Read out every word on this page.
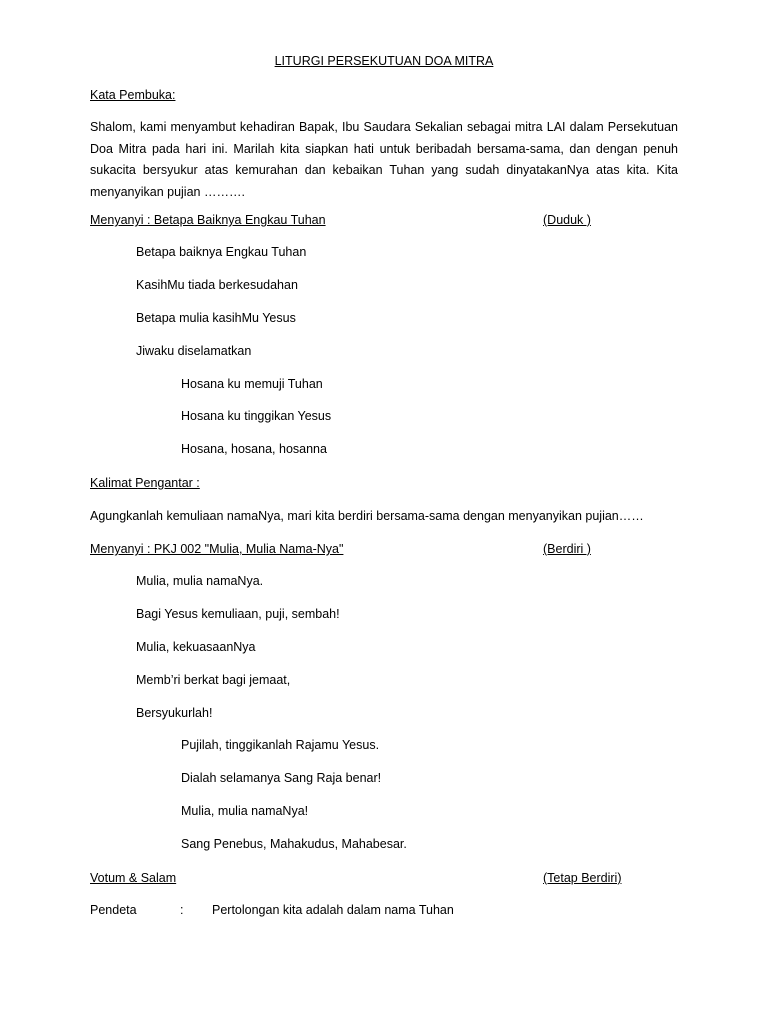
LITURGI PERSEKUTUAN DOA MITRA
Kata Pembuka:
Shalom, kami menyambut kehadiran Bapak, Ibu Saudara Sekalian sebagai mitra LAI dalam Persekutuan
Doa Mitra pada hari ini. Marilah kita siapkan hati untuk beribadah bersama-sama, dan dengan penuh
sukacita bersyukur atas kemurahan dan kebaikan Tuhan yang sudah dinyatakanNya atas kita. Kita
menyanyikan pujian ……….
Menyanyi : Betapa Baiknya Engkau Tuhan	(Duduk )
Betapa baiknya Engkau Tuhan
KasihMu tiada berkesudahan
Betapa mulia kasihMu Yesus
Jiwaku diselamatkan
Hosana ku memuji Tuhan
Hosana ku tinggikan Yesus
Hosana, hosana, hosanna
Kalimat Pengantar :
Agungkanlah kemuliaan namaNya, mari kita berdiri bersama-sama dengan menyanyikan pujian……
Menyanyi : PKJ 002 "Mulia, Mulia Nama-Nya"	(Berdiri )
Mulia, mulia namaNya.
Bagi Yesus kemuliaan, puji, sembah!
Mulia, kekuasaanNya
Memb’ri berkat bagi jemaat,
Bersyukurlah!
Pujilah, tinggikanlah Rajamu Yesus.
Dialah selamanya Sang Raja benar!
Mulia, mulia namaNya!
Sang Penebus, Mahakudus, Mahabesar.
Votum & Salam	(Tetap Berdiri)
Pendeta	: Pertolongan kita adalah dalam nama Tuhan
